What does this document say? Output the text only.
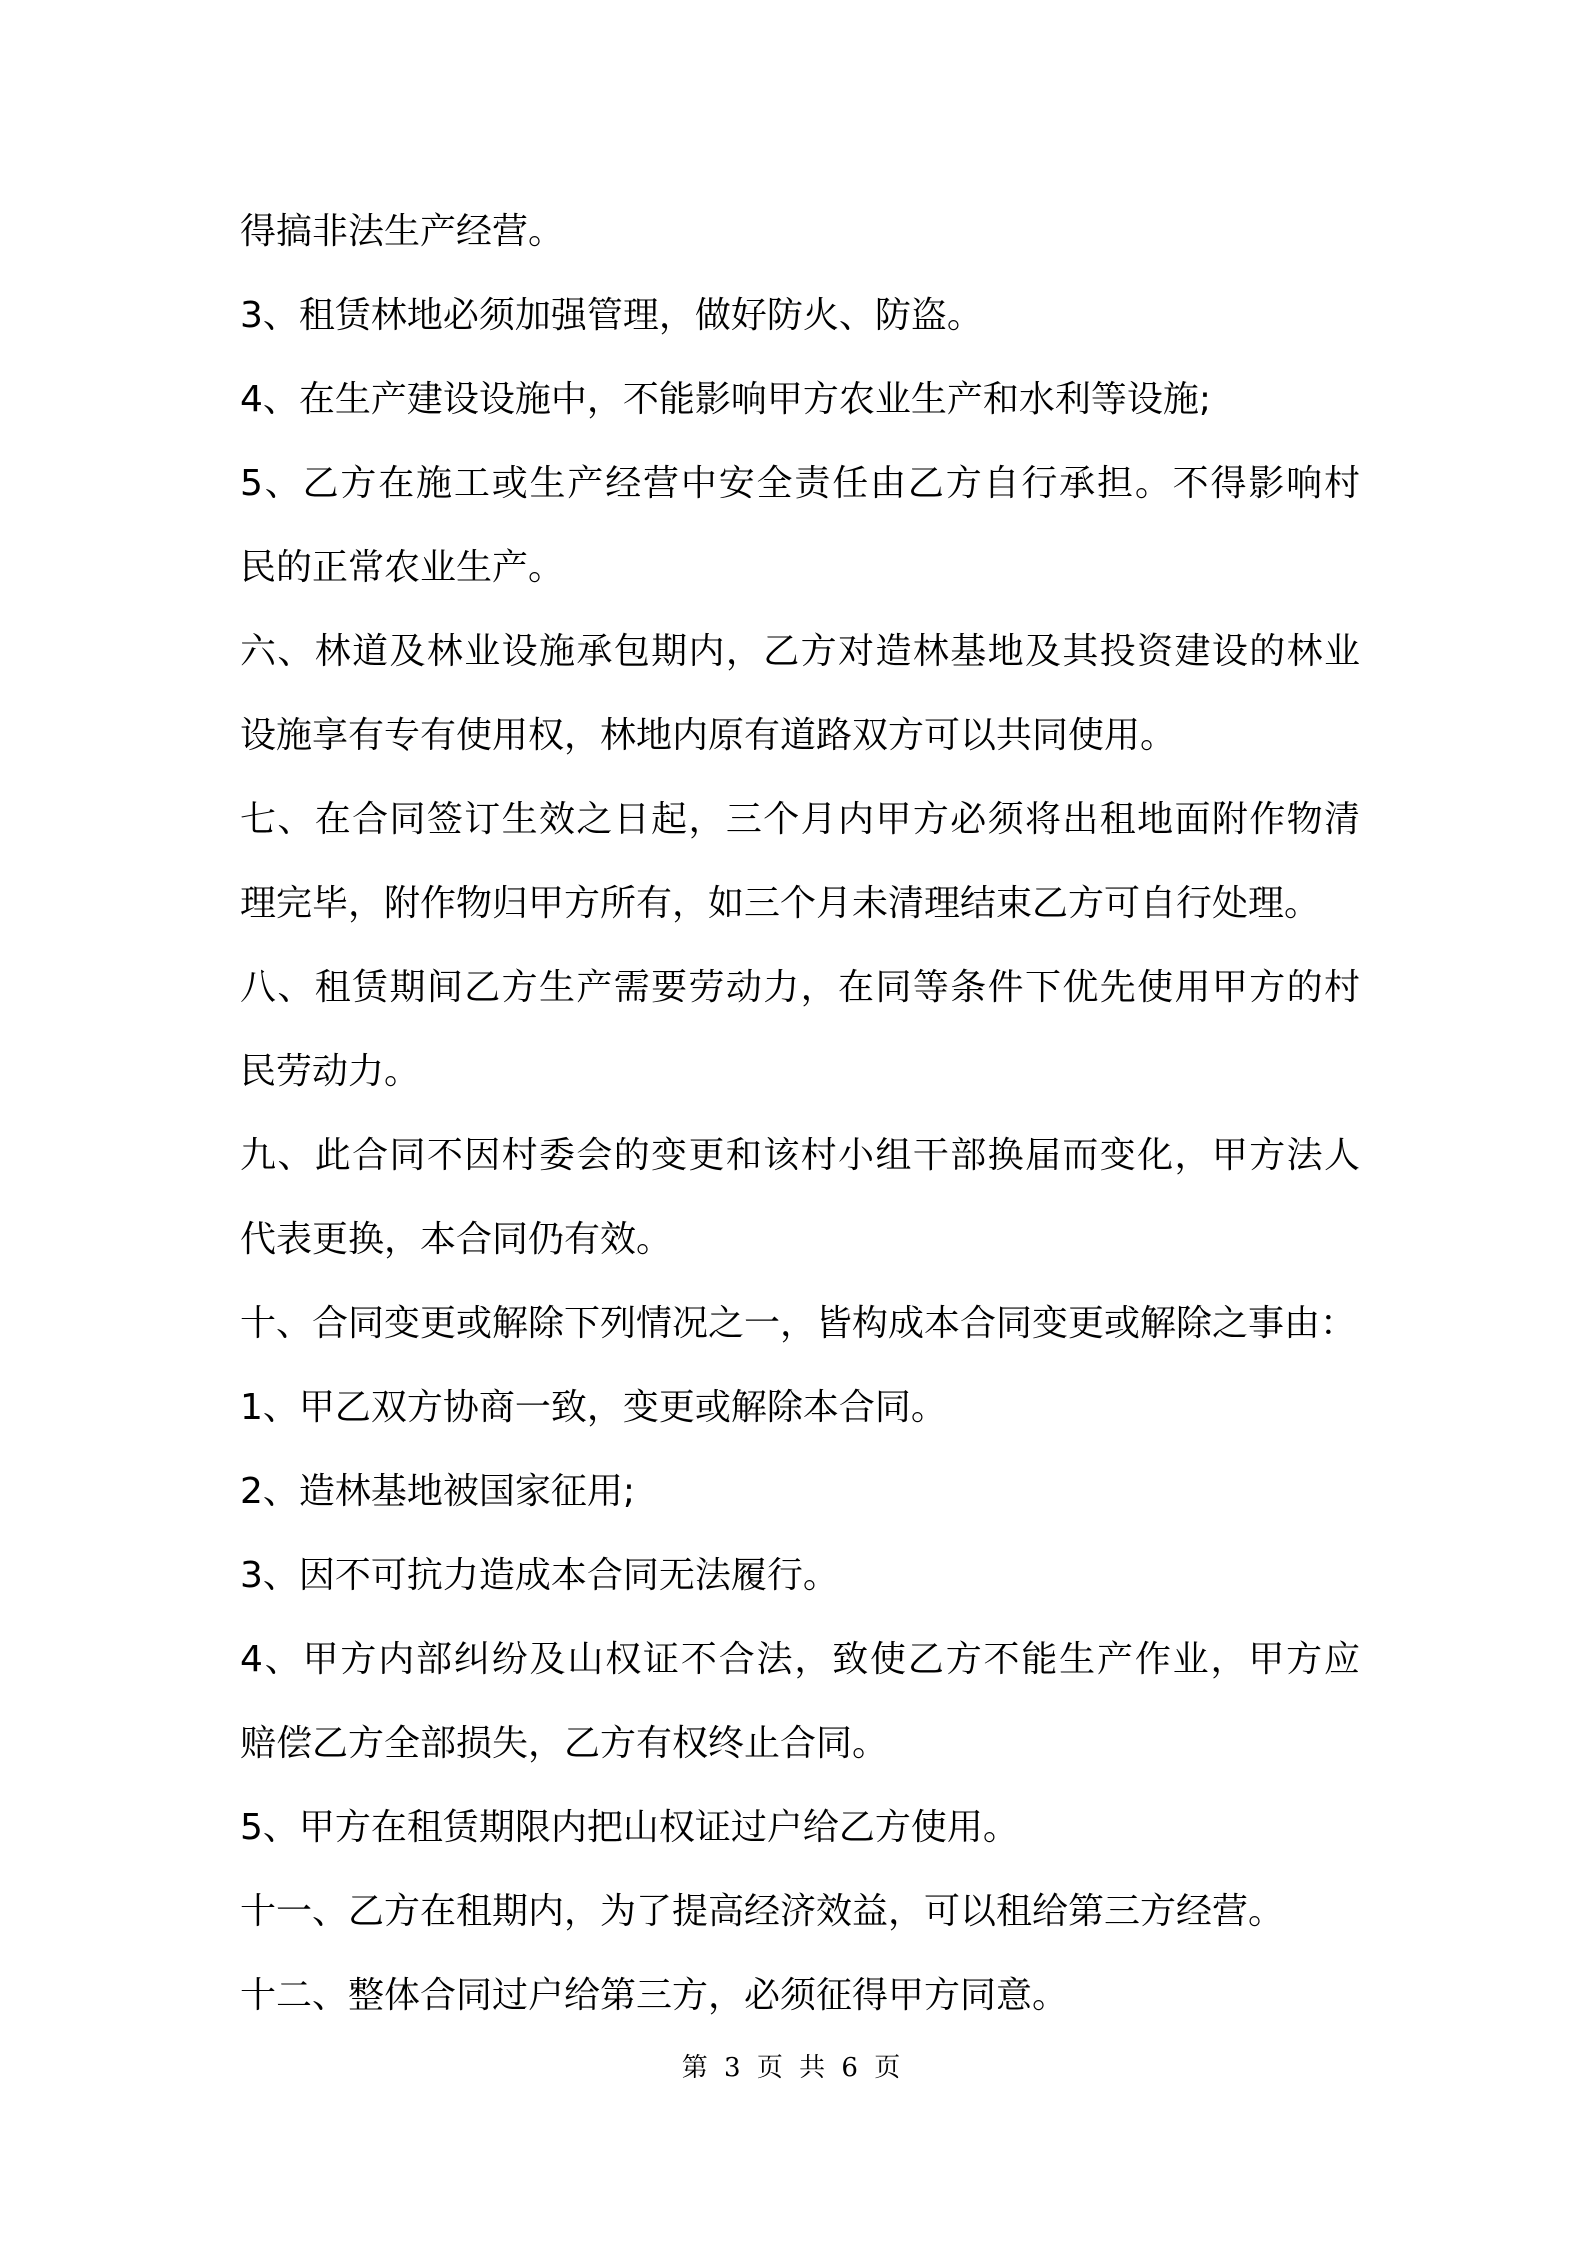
得搞非法生产经营。
3、租赁林地必须加强管理，做好防火、防盗。
4、在生产建设设施中，不能影响甲方农业生产和水利等设施;
5、乙方在施工或生产经营中安全责任由乙方自行承担。不得影响村
民的正常农业生产。
六、林道及林业设施承包期内，乙方对造林基地及其投资建设的林业
设施享有专有使用权，林地内原有道路双方可以共同使用。
七、在合同签订生效之日起，三个月内甲方必须将出租地面附作物清
理完毕，附作物归甲方所有，如三个月未清理结束乙方可自行处理。
八、租赁期间乙方生产需要劳动力，在同等条件下优先使用甲方的村
民劳动力。
九、此合同不因村委会的变更和该村小组干部换届而变化，甲方法人
代表更换，本合同仍有效。
十、合同变更或解除下列情况之一，皆构成本合同变更或解除之事由：
1、甲乙双方协商一致，变更或解除本合同。
2、造林基地被国家征用;
3、因不可抗力造成本合同无法履行。
4、甲方内部纠纷及山权证不合法，致使乙方不能生产作业，甲方应
赔偿乙方全部损失，乙方有权终止合同。
5、甲方在租赁期限内把山权证过户给乙方使用。
十一、乙方在租期内，为了提高经济效益，可以租给第三方经营。
十二、整体合同过户给第三方，必须征得甲方同意。
第 3 页 共 6 页
